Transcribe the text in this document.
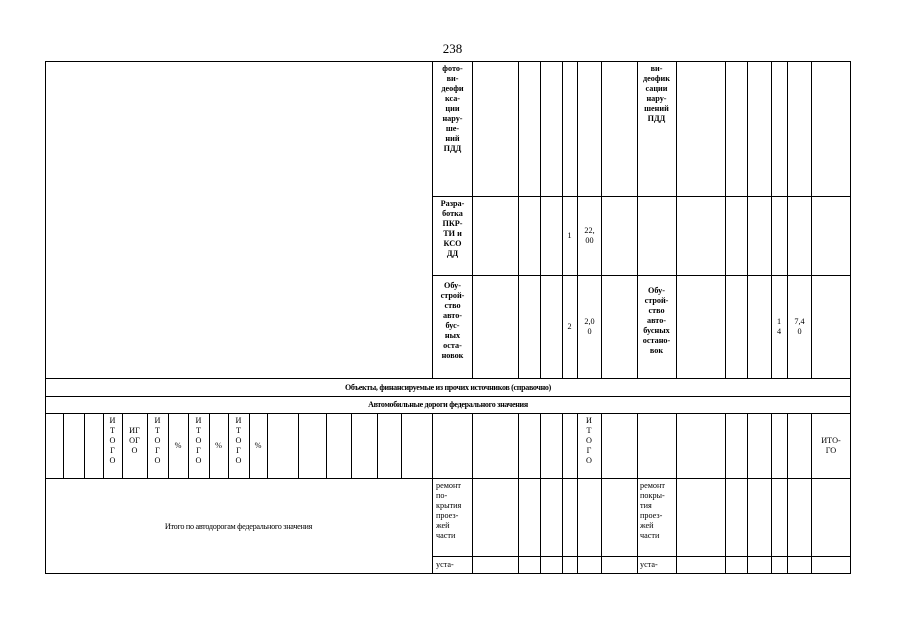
238
фото-
ви-
деофи
кса-
ции
нару-
ше-
ний
ПДД
ви-
деофик
сации
нару-
шений
ПДД
Разра-
ботка
ПКР-
ТИ и
КСО
ДД
1
22,
00
Обу-
строй-
ство
авто-
бус-
ных
оста-
новок
2
2,0
0
Обу-
строй-
ство
авто-
бусных
остано-
вок
1
4
7,4
0
Объекты, финансируемые из прочих источников (справочно)
Автомобильные дороги федерального значения
И
Т
О
Г
О
ИГ
ОГ
О
И
Т
О
Г
О
%
И
Т
О
Г
О
%
И
Т
О
Г
О
%
И
Т
О
Г
О
ИТО-
ГО
Итого по автодорогам федерального значения
ремонт
по-
крытия
проез-
жей
части
ремонт
покры-
тия
проез-
жей
части
уста-	уста-
